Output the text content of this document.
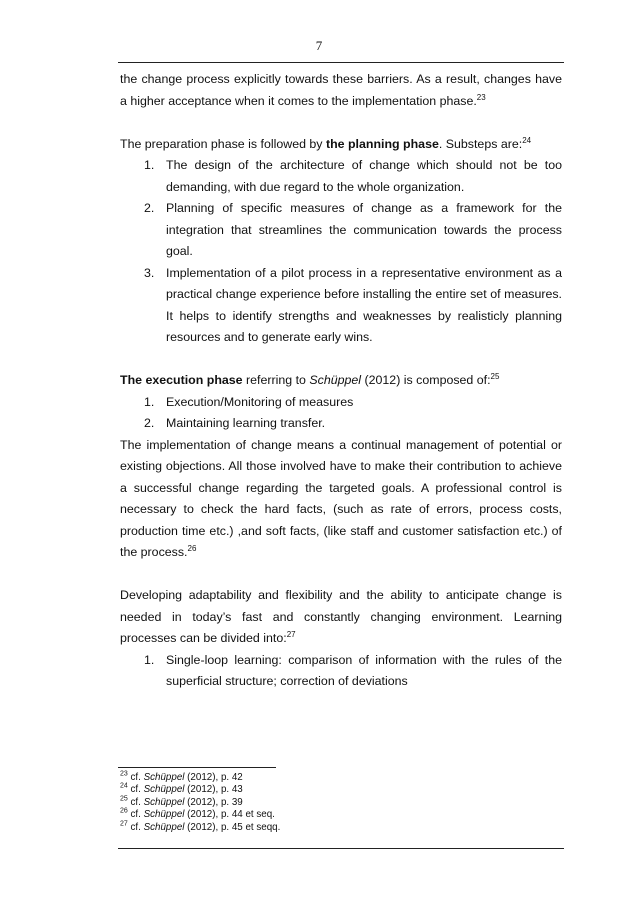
7

the change process explicitly towards these barriers. As a result, changes have a higher acceptance when it comes to the implementation phase.$^{23}$

The preparation phase is followed by the planning phase. Substeps are:$^{24}$

1. The design of the architecture of change which should not be too demanding, with due regard to the whole organization.
2. Planning of specific measures of change as a framework for the integration that streamlines the communication towards the process goal.
3. Implementation of a pilot process in a representative environment as a practical change experience before installing the entire set of measures. It helps to identify strengths and weaknesses by realisticly planning resources and to generate early wins.

The execution phase referring to Schüppel (2012) is composed of:$^{25}$

1. Execution/Monitoring of measures
2. Maintaining learning transfer.

The implementation of change means a continual management of potential or existing objections. All those involved have to make their contribution to achieve a successful change regarding the targeted goals. A professional control is necessary to check the hard facts, (such as rate of errors, process costs, production time etc.) ,and soft facts, (like staff and customer satisfaction etc.) of the process.$^{26}$

Developing adaptability and flexibility and the ability to anticipate change is needed in today’s fast and constantly changing environment. Learning processes can be divided into:$^{27}$

1. Single-loop learning: comparison of information with the rules of the superficial structure; correction of deviations
$^{23}$ cf. Schüppel (2012), p. 42
$^{24}$ cf. Schüppel (2012), p. 43
$^{25}$ cf. Schüppel (2012), p. 39
$^{26}$ cf. Schüppel (2012), p. 44 et seq.
$^{27}$ cf. Schüppel (2012), p. 45 et seqq.
